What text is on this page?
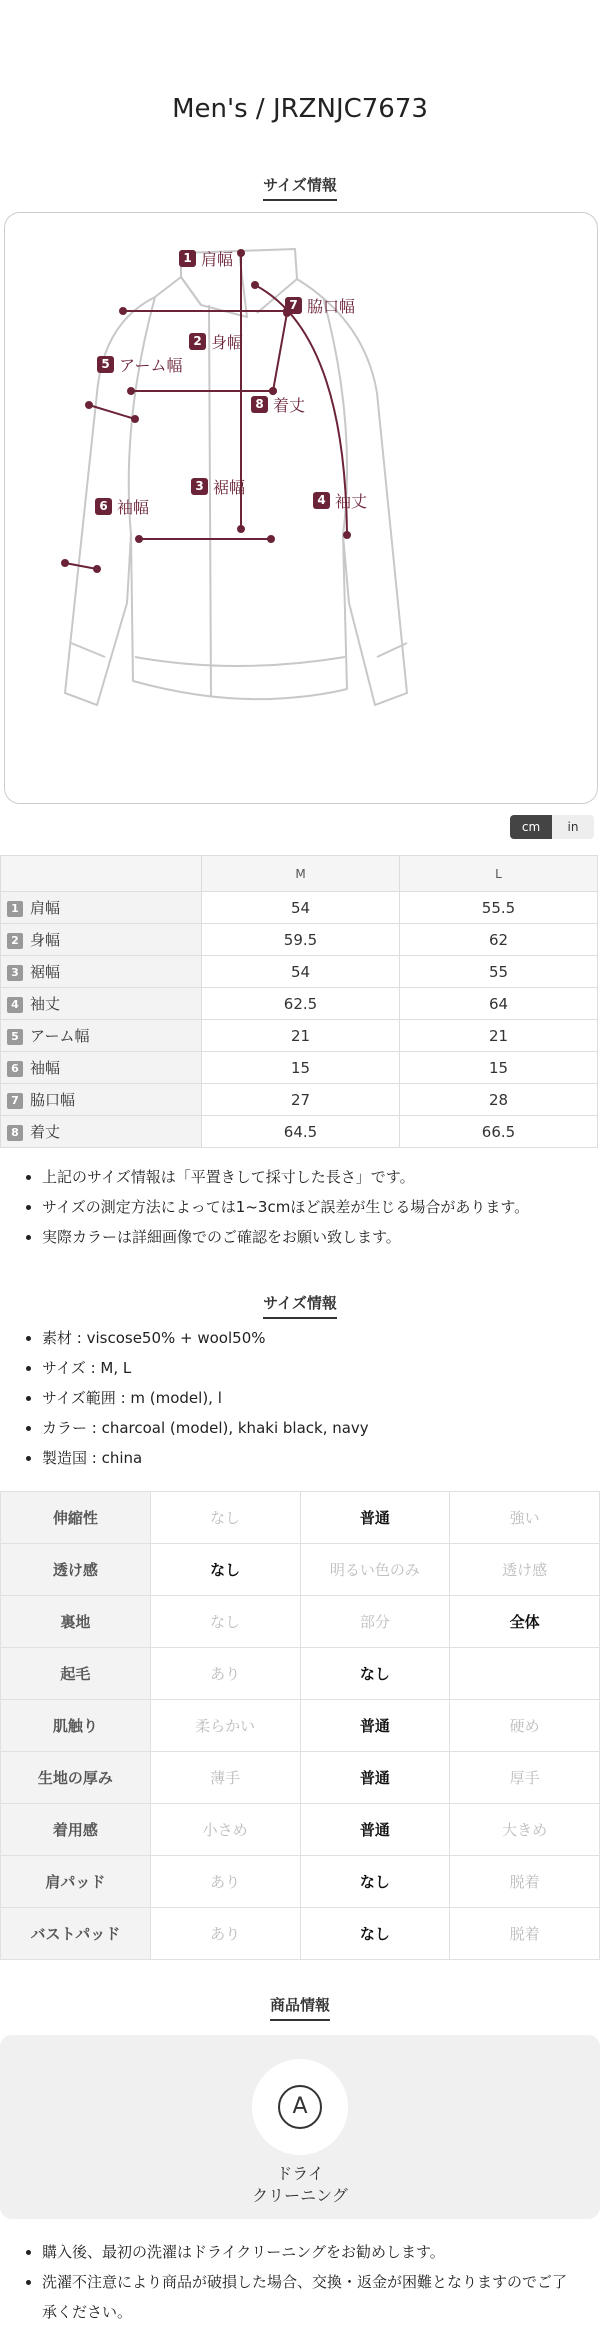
Men's / JRZNJC7673
サイズ情報
1 肩幅
2 身幅
3 裾幅
4 袖丈
5 アーム幅
6 袖幅
7 脇口幅
8 着丈
cm	in
	M	L
1 肩幅	54	55.5
2 身幅	59.5	62
3 裾幅	54	55
4 袖丈	62.5	64
5 アーム幅	21	21
6 袖幅	15	15
7 脇口幅	27	28
8 着丈	64.5	66.5
• 上記のサイズ情報は「平置きして採寸した長さ」です。
• サイズの測定方法によっては1~3cmほど誤差が生じる場合があります。
• 実際カラーは詳細画像でのご確認をお願い致します。
サイズ情報
• 素材 : viscose50% + wool50%
• サイズ : M, L
• サイズ範囲 : m (model), l
• カラー : charcoal (model), khaki black, navy
• 製造国 : china
伸縮性	なし	普通	強い
透け感	なし	明るい色のみ	透け感
裏地	なし	部分	全体
起毛	あり	なし	
肌触り	柔らかい	普通	硬め
生地の厚み	薄手	普通	厚手
着用感	小さめ	普通	大きめ
肩パッド	あり	なし	脱着
バストパッド	あり	なし	脱着
商品情報
A
ドライ
クリーニング
• 購入後、最初の洗濯はドライクリーニングをお勧めします。
• 洗濯不注意により商品が破損した場合、交換・返金が困難となりますのでご了承ください。
